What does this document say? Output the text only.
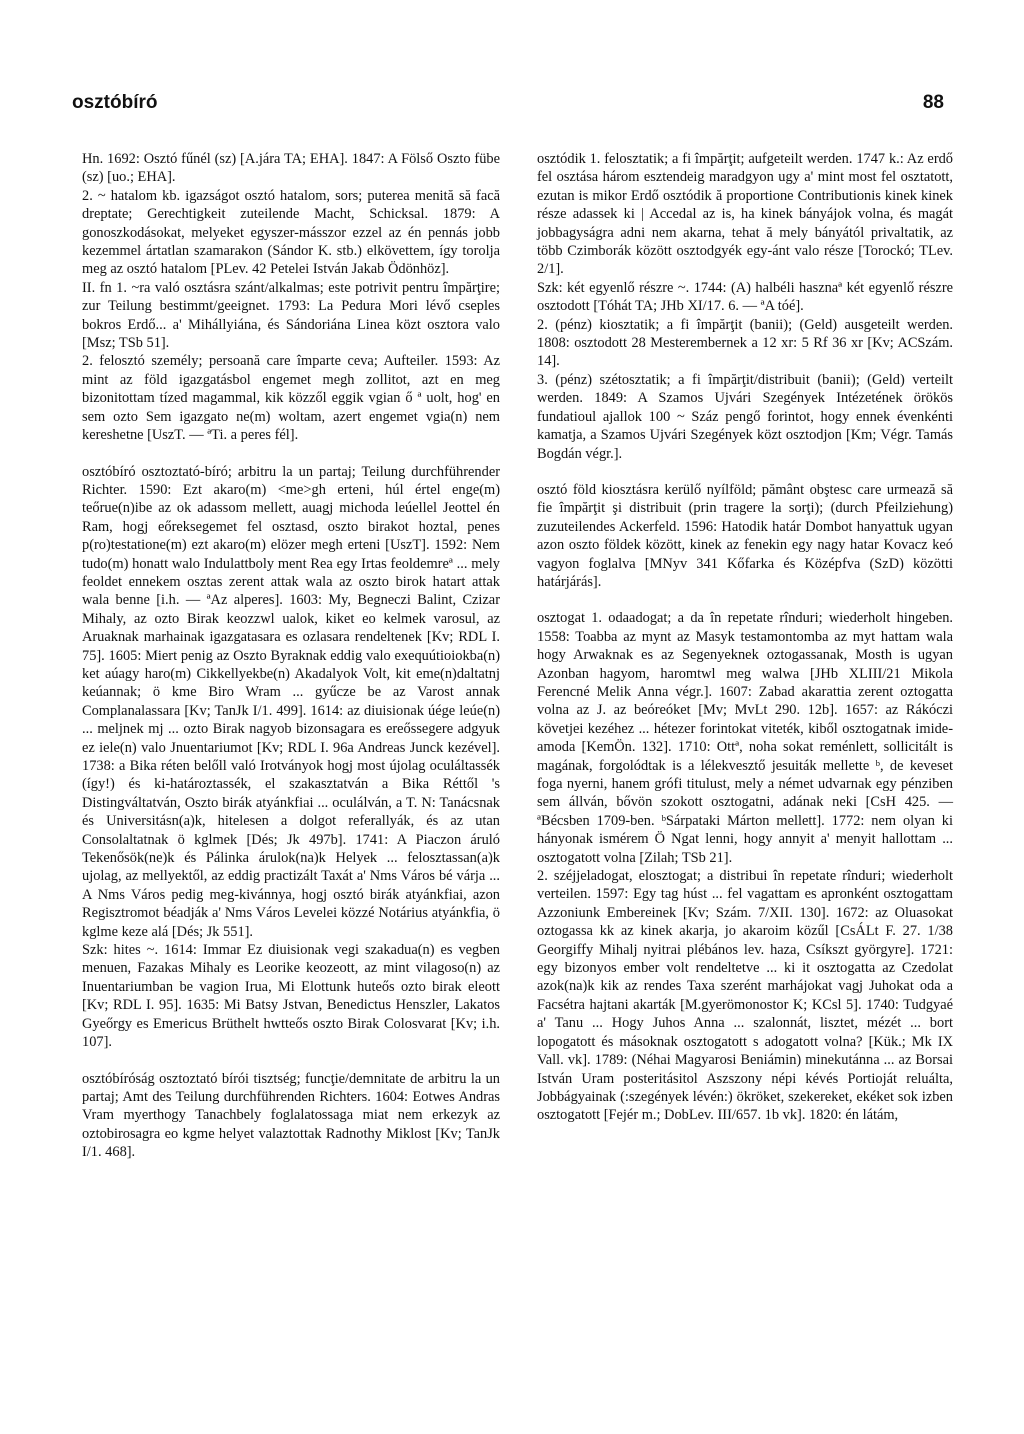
osztóbíró	88

Hn. 1692: Osztó fűnél (sz) [A.jára TA; EHA]. 1847: A Fölső Oszto fübe (sz) [uo.; EHA].

2. ~ hatalom kb. igazságot osztó hatalom, sors; puterea menită să facă dreptate; Gerechtigkeit zuteilende Macht, Schicksal. 1879: A gonoszkodásokat, melyeket egyszer-másszor ezzel az én pennás jobb kezemmel ártatlan szamarakon (Sándor K. stb.) elkövettem, így torolja meg az osztó hatalom [PLev. 42 Petelei István Jakab Ödönhöz].

II. fn 1. ~ra való osztásra szánt/alkalmas; este potrivit pentru împărţire; zur Teilung bestimmt/geeignet. 1793: La Pedura Mori lévő cseples bokros Erdő... a' Mihállyiána, és Sándoriána Linea közt osztora valo [Msz; TSb 51].

2. felosztó személy; persoană care împarte ceva; Aufteiler. 1593: Az mint az föld igazgatásbol engemet megh zollitot, azt en meg bizonitottam tízed magammal, kik közzől eggik vgian ő ª uolt, hog' en sem ozto Sem igazgato ne(m) woltam, azert engemet vgia(n) nem kereshetne [UszT. — ªTi. a peres fél].

osztóbíró osztoztató-bíró; arbitru la un partaj; Teilung durchführender Richter. 1590: Ezt akaro(m) <me>gh erteni, húl értel enge(m) teőrue(n)ibe az ok adassom mellett, auagj michoda leúellel Jeottel én Ram, hogj eőreksegemet fel osztasd, oszto birakot hoztal, penes p(ro)testatione(m) ezt akaro(m) elözer megh erteni [UszT]. 1592: Nem tudo(m) honatt walo Indulattboly ment Rea egy Irtas feoldemreª ... mely feoldet ennekem osztas zerent attak wala az oszto birok hatart attak wala benne [i.h. — ªAz alperes]. 1603: My, Begneczi Balint, Czizar Mihaly, az ozto Birak keozzwl ualok, kiket eo kelmek varosul, az Aruaknak marhainak igazgatasara es ozlasara rendeltenek [Kv; RDL I. 75]. 1605: Miert penig az Oszto Byraknak eddig valo exequútioiokba(n) ket aúagy haro(m) Cikkellyekbe(n) Akadalyok Volt, kit eme(n)daltatnj keúannak; ö kme Biro Wram ... gyűcze be az Varost annak Complanalassara [Kv; TanJk I/1. 499]. 1614: az diuisionak úége leúe(n) ... meljnek mj ... ozto Birak nagyob bizonsagara es ereőssegere adgyuk ez iele(n) valo Jnuentariumot [Kv; RDL I. 96a Andreas Junck kezével]. 1738: a Bika réten belőll való Irotványok hogj most újolag oculáltassék (ígу!) és ki-határoztassék, el szakasztatván a Bika Réttől 's Distingváltatván, Oszto birák atyánkfiai ... oculálván, a T. N: Tanácsnak és Universitásn(a)k, hitelesen a dolgot referallyák, és az utan Consolaltatnak ö kglmek [Dés; Jk 497b]. 1741: A Piaczon áruló Tekenősök(ne)k és Pálinka árulok(na)k Helyek ... felosztassan(a)k ujolag, az mellyektől, az eddig practizált Taxát a' Nms Város bé várja ... A Nms Város pedig meg-kivánnya, hogj osztó birák atyánkfiai, azon Regisztromot béadják a' Nms Város Levelei közzé Notárius atyánkfia, ö kglme keze alá [Dés; Jk 551].

Szk: hites ~. 1614: Immar Ez diuisionak vegi szakadua(n) es vegben menuen, Fazakas Mihaly es Leorike keozeott, az mint vilagoso(n) az Inuentariumban be vagion Irua, Mi Elottunk huteős ozto birak eleott [Kv; RDL I. 95]. 1635: Mi Batsy Jstvan, Benedictus Henszler, Lakatos Gyeőrgy es Emericus Brüthelt hwtteős oszto Birak Colosvarat [Kv; i.h. 107].

osztóbíróság osztoztató bírói tisztség; funcţie/demnitate de arbitru la un partaj; Amt des Teilung durchführenden Richters. 1604: Eotwes Andras Vram myerthogy Tanachbely foglalatossagа miat nem erkezyk az oztobirosagra eo kgme helyet valaztottak Radnothy Miklost [Kv; TanJk I/1. 468].

osztódik 1. felosztatik; a fi împărţit; aufgeteilt werden. 1747 k.: Az erdő fel osztása három esztendeig maradgyon ugy a' mint most fel osztatott, ezutan is mikor Erdő osztódik ă proportione Contributionis kinek kinek része adassek ki | Accedal az is, ha kinek bányájok volna, és magát jobbagyságra adni nem akarna, tehat ă mely bányától privaltatik, az több Czimborák között osztodgyék egy-ánt valo része [Torockó; TLev. 2/1].

Szk: két egyenlő részre ~. 1744: (A) halbéli hasznaª két egyenlő részre osztodott [Tóhát TA; JHb XI/17. 6. — ªA tóé].

2. (pénz) kiosztatik; a fi împărţit (banii); (Geld) ausgeteilt werden. 1808: osztodott 28 Mesterembernek a 12 xr: 5 Rf 36 xr [Kv; ACSzám. 14].

3. (pénz) szétosztatik; a fi împărţit/distribuit (banii); (Geld) verteilt werden. 1849: A Szamos Ujvári Szegények Intézetének örökös fundatioul ajallok 100 ~ Száz pengő forintot, hogy ennek évenkénti kamatja, a Szamos Ujvári Szegények közt osztodjon [Km; Végr. Tamás Bogdán végr.].

osztó föld kiosztásra kerülő nyílföld; pământ obştesc care urmează să fie împărţit şi distribuit (prin tragere la sorţi); (durch Pfeilziehung) zuzuteilendes Ackerfeld. 1596: Hatodik határ Dombot hanyattuk ugyan azon oszto földek között, kinek az fenekin egy nagy hatar Kovacz keó vagyon foglalva [MNyv 341 Kőfarka és Középfva (SzD) közötti határjárás].

osztogat 1. odaadogat; a da în repetate rînduri; wiederholt hingeben. 1558: Toabba az mynt az Masyk testamontomba az myt hattam wala hogy Arwaknak es az Segenyeknek oztogassanak, Mosth is ugyan Azonban hagyom, haromtwl meg walwa [JHb XLIII/21 Mikola Ferencné Melik Anna végr.]. 1607: Zabad akarattia zerent oztogatta volna az J. az beóreóket [Mv; MvLt 290. 12b]. 1657: az Rákóczi követjei kezéhez ... hétezer forintokat viteték, kiből osztogatnak imide-amoda [KemÖn. 132]. 1710: Ottª, noha sokat reménlett, sollicitált is magának, forgolódtak is a lélekvesztő jesuiták mellette ᵇ, de keveset foga nyerni, hanem grófi titulust, mely a német udvarnak egy pénziben sem állván, bővön szokott osztogatni, adának neki [CsH 425. — ªBécsben 1709-ben. ᵇSárpataki Márton mellett]. 1772: nem olyan ki hányonak ismérem Ö Ngat lenni, hogy annyit a' menyit hallottam ... osztogatott volna [Zilah; TSb 21].

2. széjjeladogat, elosztogat; a distribui în repetate rînduri; wiederholt verteilen. 1597: Egy tag húst ... fel vagattam es apronként osztogattam Azzoniunk Embereinek [Kv; Szám. 7/XII. 130]. 1672: az Oluasokat oztogassa kk az kinek akarja, jo akaroim közűl [CsÁLt F. 27. 1/38 Georgiffy Mihalj nyitrai plébános lev. haza, Csíkszt györgyre]. 1721: egy bizonyos ember volt rendeltetve ... ki it osztogatta az Czedolat azok(na)k kik az rendes Taxa szerént marhájokat vagj Juhokat oda a Facsétra hajtani akarták [M.gyerömonostor K; KCsl 5]. 1740: Tudgyaé a' Tanu ... Hogy Juhos Anna ... szalonnát, lisztet, mézét ... bort lopogatott és másoknak osztogatott s adogatott volna? [Kük.; Mk IX Vall. vk]. 1789: (Néhai Magyarosi Beniámin) minekutánna ... az Borsai István Uram posteritásitol Aszszony népi kévés Portioját reluálta, Jobbágyainak (:szegények lévén:) ökröket, szekereket, ekéket sok izben osztogatott [Fejér m.; DobLev. III/657. 1b vk]. 1820: én látám,
